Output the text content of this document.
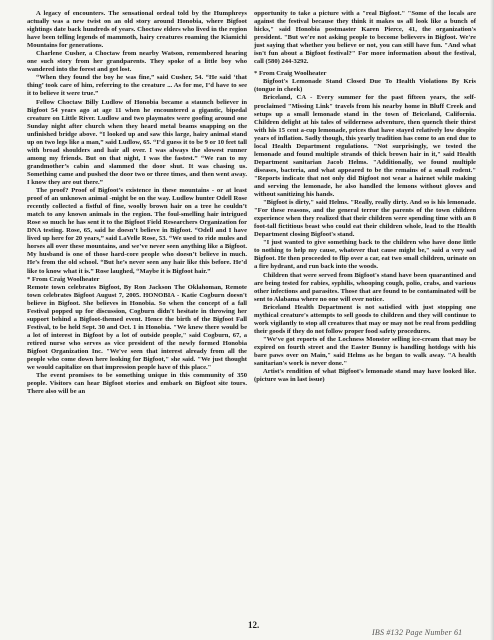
A legacy of encounters. The sensational ordeal told by the Humphreys actually was a new twist on an old story around Honobia, where Bigfoot sightings date back hundreds of years. Choctaw elders who lived in the region have been telling legends of mammoth, hairy creatures roaming the Kiamichi Mountains for generations.

Charlene Cusher, a Choctaw from nearby Watson, remembered hearing one such story from her grandparents. They spoke of a little boy who wandered into the forest and got lost.

“When they found the boy he was fine,” said Cusher, 54. “He said ‘that thing’ took care of him, referring to the creature ... As for me, I’d have to see it to believe it were true.”

Fellow Choctaw Billy Ludlow of Honobia became a staunch believer in Bigfoot 54 years ago at age 11 when he encountered a gigantic, bipedal creature on Little River. Ludlow and two playmates were goofing around one Sunday night after church when they heard metal beams snapping on the unfinished bridge above. “I looked up and saw this large, hairy animal stand up on two legs like a man,” said Ludlow, 65. “I’d guess it to be 9 or 10 feet tall with broad shoulders and hair all over. I was always the slowest runner among my friends. But on that night, I was the fastest.” “We ran to my grandmother’s cabin and slammed the door shut. It was chasing us. Something came and pushed the door two or three times, and then went away. I know they are out there.”

The proof? Proof of Bigfoot’s existence in these mountains - or at least proof of an unknown animal -might be on the way. Ludlow hunter Odell Rose recently collected a fistful of fine, woolly brown hair on a tree he couldn’t match to any known animals in the region. The foul-smelling hair intrigued Rose so much he has sent it to the Bigfoot Field Researchers Organization for DNA testing. Rose, 65, said he doesn’t believe in Bigfoot. “Odell and I have lived up here for 20 years,” said LaVelle Rose, 53. “We used to ride mules and horses all over these mountains, and we’ve never seen anything like a Bigfoot. My husband is one of those hard-core people who doesn’t believe in much. He’s from the old school. “But he’s never seen any hair like this before. He’d like to know what it is.” Rose laughed, “Maybe it is Bigfoot hair.”

* From Craig Woolheater

Remote town celebrates Bigfoot, By Ron Jackson The Oklahoman, Remote town celebrates Bigfoot August 7, 2005. HONOBIA - Katie Cogburn doesn't believe in Bigfoot. She believes in Honobia. So when the concept of a fall Festival popped up for discussion, Cogburn didn't hesitate in throwing her support behind a Bigfoot-themed event. Hence the birth of the Bigfoot Fall Festival, to be held Sept. 30 and Oct. 1 in Honobia. "We knew there would be a lot of interest in Bigfoot by a lot of outside people," said Cogburn, 67, a retired nurse who serves as vice president of the newly formed Honobia Bigfoot Organization Inc. "We've seen that interest already from all the people who come down here looking for Bigfoot," she said. "We just thought we would capitalize on that impression people have of this place."

The event promises to be something unique in this community of 350 people. Visitors can hear Bigfoot stories and embark on Bigfoot site tours. There also will be an

opportunity to take a picture with a "real Bigfoot." "Some of the locals are against the festival because they think it makes us all look like a bunch of hicks," said Honobia postmaster Karen Pierce, 41, the organization's president. "But we're not asking people to become believers in Bigfoot. We're just saying that whether you believe or not, you can still have fun. "And what isn't fun about a Bigfoot festival?" For more information about the festival, call (580) 244-3292.

* From Craig Woolheater

Bigfoot's Lemonade Stand Closed Due To Health Violations By Kris (tongue in cheek)

Briceland, CA - Every summer for the past fifteen years, the self-proclaimed "Missing Link" travels from his nearby home in Bluff Creek and setups up a small lemonade stand in the town of Briceland, California. Children delight at his tales of wilderness adventure, then quench their thirst with his 15 cent a-cup lemonade, prices that have stayed relatively low despite years of inflation. Sadly though, this yearly tradition has come to an end due to local Health Department regulations. "Not surprisingly, we tested the lemonade and found multiple strands of thick brown hair in it," said Health Department sanitarian Jacob Helms. "Additionally, we found multiple diseases, bacteria, and what appeared to be the remains of a small rodent." "Reports indicate that not only did Bigfoot not wear a hairnet while making and serving the lemonade, he also handled the lemons without gloves and without sanitizing his hands.

"Bigfoot is dirty," said Helms. "Really, really dirty. And so is his lemonade. "For these reasons, and the general terror the parents of the town children experience when they realized that their children were spending time with an 8 foot-tall fictitious beast who could eat their children whole, lead to the Health Department closing Bigfoot's stand.

"I just wanted to give something back to the children who have done little to nothing to help my cause, whatever that cause might be," said a very sad Bigfoot. He then proceeded to flip over a car, eat two small children, urinate on a fire hydrant, and run back into the woods.

Children that were served from Bigfoot's stand have been quarantined and are being tested for rabies, syphilis, whooping cough, polio, crabs, and various other infections and parasites. Those that are found to be contaminated will be sent to Alabama where no one will ever notice.

Briceland Health Department is not satisfied with just stopping one mythical creature's attempts to sell goods to children and they will continue to work vigilantly to stop all creatures that may or may not be real from peddling their goods if they do not follow proper food safety procedures.

"We've got reports of the Lochness Monster selling ice-cream that may be expired on fourth street and the Easter Bunny is handling hotdogs with his bare paws over on Main," said Helms as he began to walk away. "A health sanitarian's work is never done."

Artist's rendition of what Bigfoot's lemonade stand may have looked like. (picture was in last issue)

12.
IBS #132 Page Number 61
